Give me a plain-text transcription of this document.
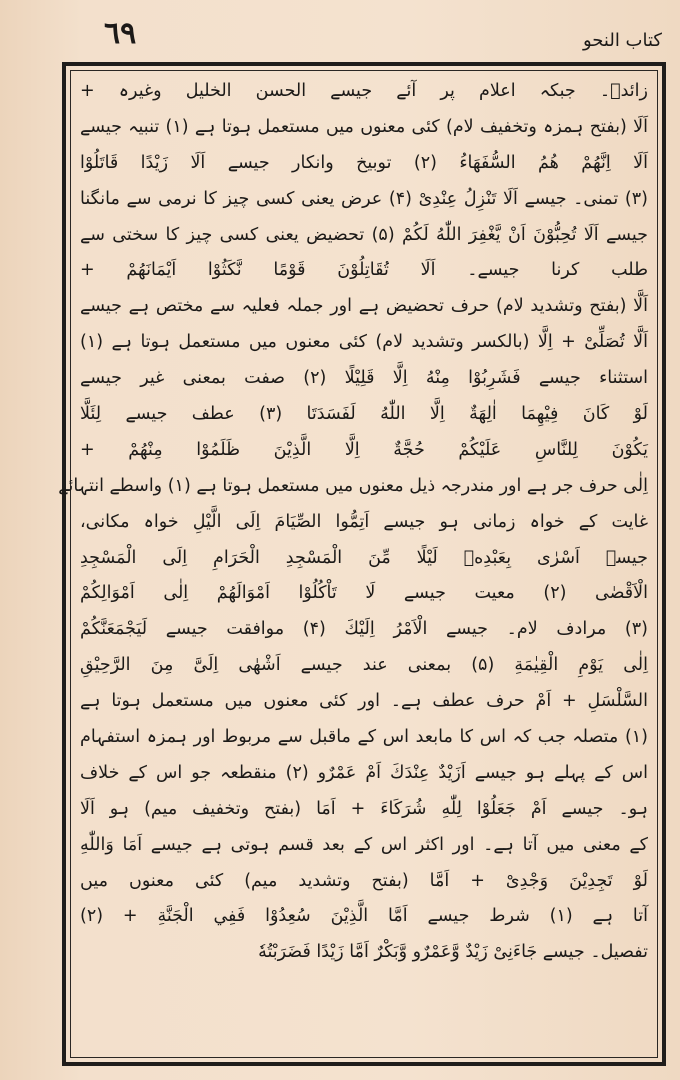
٦٩	کتاب النحو
زائدؔ۔ جبکہ اعلام پر آئے جیسے الحسن الخلیل وغیرہ +
اَلَا (بفتح ہمزہ وتخفیف لام) کئی معنوں میں مستعمل ہوتا ہے (۱) تنبیہ جیسے
اَلَا اِنَّهُمْ هُمُ السُّفَهَاءُ (۲) توبیخ وانکار جیسے اَلَا زَيْدًا قَاتَلُوْا
(۳) تمنی۔ جیسے اَلَا تَنْزِلُ عِنْدِیْ (۴) عرض یعنی کسی چیز کا نرمی سے مانگنا
جیسے اَلَا تُحِبُّوْنَ اَنْ يَّغْفِرَ اللّٰهُ لَكُمْ (۵) تحضیض یعنی کسی چیز کا سختی سے
طلب کرنا جیسے۔ اَلَا تُقَاتِلُوْنَ قَوْمًا نَّكَثُوْا اَيْمَانَهُمْ +
اَلَّا (بفتح وتشدید لام) حرف تحضیض ہے اور جملہ فعلیہ سے مختص ہے جیسے
اَلَّا تُصَلِّیْ + اِلَّا (بالکسر وتشدید لام) کئی معنوں میں مستعمل ہوتا ہے (۱)
استثناء جیسے فَشَرِبُوْا مِنْهُ اِلَّا قَلِيْلًا (۲) صفت بمعنی غیر جیسے
لَوْ كَانَ فِيْهِمَا اٰلِهَةٌ اِلَّا اللّٰهُ لَفَسَدَتَا (۳) عطف جیسے لِئَلَّا
يَكُوْنَ لِلنَّاسِ عَلَيْكُمْ حُجَّةٌ اِلَّا الَّذِيْنَ ظَلَمُوْا مِنْهُمْ +
اِلٰى حرف جر ہے اور مندرجہ ذیل معنوں میں مستعمل ہوتا ہے (۱) واسطے انتہائے
غایت کے خواہ زمانی ہو جیسے اَتِمُّوا الصِّيَامَ اِلَى الَّيْلِ خواہ مکانی،
جیسے اَسْرٰى بِعَبْدِهٖ لَيْلًا مِّنَ الْمَسْجِدِ الْحَرَامِ اِلَى الْمَسْجِدِ
الْاَقْصٰى (۲) معیت جیسے لَا تَاْكُلُوْا اَمْوَالَهُمْ اِلٰى اَمْوَالِكُمْ
(۳) مرادف لام۔ جیسے الْاَمْرُ اِلَيْكَ (۴) موافقت جیسے لَيَجْمَعَنَّكُمْ
اِلٰى يَوْمِ الْقِيٰمَةِ (۵) بمعنی عند جیسے اَشْهٰى اِلَیَّ مِنَ الرَّحِيْقِ
السَّلْسَلِ + اَمْ حرف عطف ہے۔ اور کئی معنوں میں مستعمل ہوتا ہے
(۱) متصلہ جب کہ اس کا مابعد اس کے ماقبل سے مربوط اور ہمزہ استفہام
اس کے پہلے ہو جیسے اَزَيْدٌ عِنْدَكَ اَمْ عَمْرٌو (۲) منقطعہ جو اس کے خلاف
ہو۔ جیسے اَمْ جَعَلُوْا لِلّٰهِ شُرَكَاءَ + اَمَا (بفتح وتخفیف میم) ہو اَلَا
کے معنی میں آتا ہے۔ اور اکثر اس کے بعد قسم ہوتی ہے جیسے اَمَا وَاللّٰهِ
لَوْ تَجِدِيْنَ وَجْدِیْ + اَمَّا (بفتح وتشدید میم) کئی معنوں میں
آتا ہے (۱) شرط جیسے اَمَّا الَّذِيْنَ سُعِدُوْا فَفِي الْجَنَّةِ + (۲)
تفصیل۔ جیسے جَاءَنِیْ زَيْدٌ وَّعَمْرٌو وَّبَكْرٌ اَمَّا زَيْدًا فَضَرَبْتُهٗ
